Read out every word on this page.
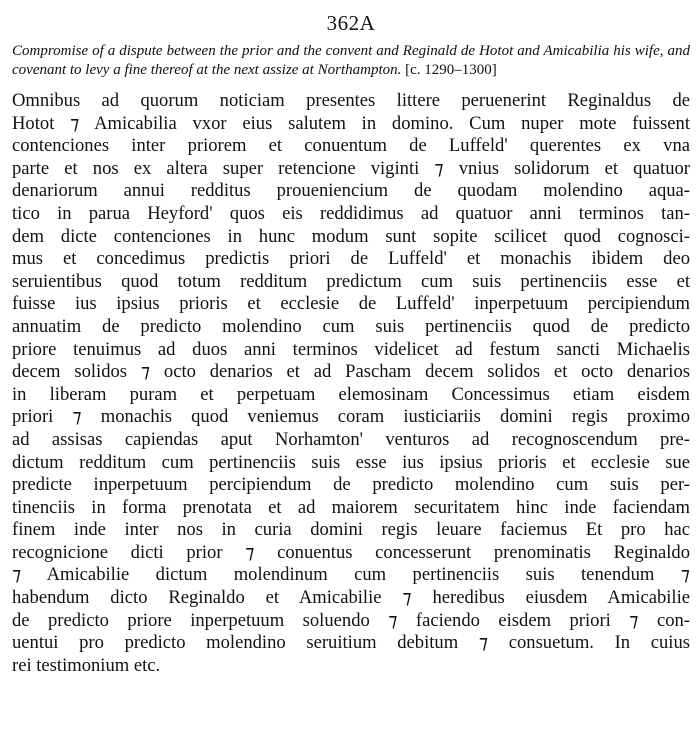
362A
Compromise of a dispute between the prior and the convent and Reginald de Hotot and Amicabilia his wife, and covenant to levy a fine thereof at the next assize at Northampton. [c. 1290–1300]
Omnibus ad quorum noticiam presentes littere peruenerint Reginaldus de
Hotot ⁊ Amicabilia vxor eius salutem in domino. Cum nuper mote fuissent
contenciones inter priorem et conuentum de Luffeld' querentes ex vna
parte et nos ex altera super retencione viginti ⁊ vnius solidorum et quatuor
denariorum annui redditus proueniencium de quodam molendino aqua-
tico in parua Heyford' quos eis reddidimus ad quatuor anni terminos tan-
dem dicte contenciones in hunc modum sunt sopite scilicet quod cognosci-
mus et concedimus predictis priori de Luffeld' et monachis ibidem deo
seruientibus quod totum redditum predictum cum suis pertinenciis esse et
fuisse ius ipsius prioris et ecclesie de Luffeld' inperpetuum percipiendum
annuatim de predicto molendino cum suis pertinenciis quod de predicto
priore tenuimus ad duos anni terminos videlicet ad festum sancti Michaelis
decem solidos ⁊ octo denarios et ad Pascham decem solidos et octo denarios
in liberam puram et perpetuam elemosinam Concessimus etiam eisdem
priori ⁊ monachis quod veniemus coram iusticiariis domini regis proximo
ad assisas capiendas aput Norhamton' venturos ad recognoscendum pre-
dictum redditum cum pertinenciis suis esse ius ipsius prioris et ecclesie sue
predicte inperpetuum percipiendum de predicto molendino cum suis per-
tinenciis in forma prenotata et ad maiorem securitatem hinc inde faciendam
finem inde inter nos in curia domini regis leuare faciemus Et pro hac
recognicione dicti prior ⁊ conuentus concesserunt prenominatis Reginaldo
⁊ Amicabilie dictum molendinum cum pertinenciis suis tenendum ⁊
habendum dicto Reginaldo et Amicabilie ⁊ heredibus eiusdem Amicabilie
de predicto priore inperpetuum soluendo ⁊ faciendo eisdem priori ⁊ con-
uentui pro predicto molendino seruitium debitum ⁊ consuetum. In cuius
rei testimonium etc.
